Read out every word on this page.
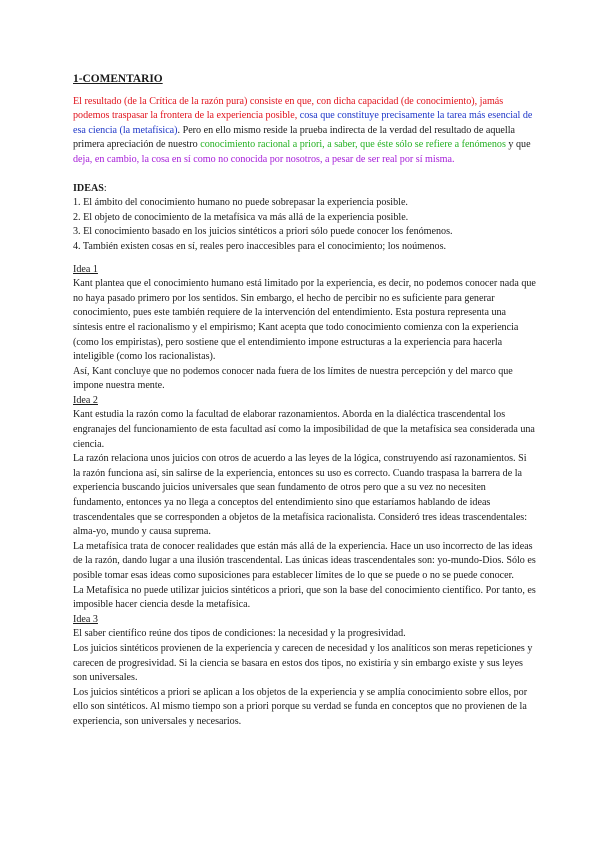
1-COMENTARIO

El resultado (de la Crítica de la razón pura) consiste en que, con dicha capacidad (de conocimiento), jamás podemos traspasar la frontera de la experiencia posible, cosa que constituye precisamente la tarea más esencial de esa ciencia (la metafísica). Pero en ello mismo reside la prueba indirecta de la verdad del resultado de aquella primera apreciación de nuestro conocimiento racional a priori, a saber, que éste sólo se refiere a fenómenos y que deja, en cambio, la cosa en sí como no conocida por nosotros, a pesar de ser real por sí misma.

IDEAS:

1. El ámbito del conocimiento humano no puede sobrepasar la experiencia posible.

2. El objeto de conocimiento de la metafísica va más allá de la experiencia posible.

3. El conocimiento basado en los juicios sintéticos a priori sólo puede conocer los fenómenos.

4. También existen cosas en sí, reales pero inaccesibles para el conocimiento; los noúmenos.

Idea 1

Kant plantea que el conocimiento humano está limitado por la experiencia, es decir, no podemos conocer nada que no haya pasado primero por los sentidos. Sin embargo, el hecho de percibir no es suficiente para generar conocimiento, pues este también requiere de la intervención del entendimiento. Esta postura representa una síntesis entre el racionalismo y el empirismo; Kant acepta que todo conocimiento comienza con la experiencia (como los empiristas), pero sostiene que el entendimiento impone estructuras a la experiencia para hacerla inteligible (como los racionalistas).

Así, Kant concluye que no podemos conocer nada fuera de los límites de nuestra percepción y del marco que impone nuestra mente.

Idea 2

Kant estudia la razón como la facultad de elaborar razonamientos. Aborda en la dialéctica trascendental los engranajes del funcionamiento de esta facultad así como la imposibilidad de que la metafísica sea considerada una ciencia.

La razón relaciona unos juicios con otros de acuerdo a las leyes de la lógica, construyendo así razonamientos. Si la razón funciona así, sin salirse de la experiencia, entonces su uso es correcto. Cuando traspasa la barrera de la experiencia buscando juicios universales que sean fundamento de otros pero que a su vez no necesiten fundamento, entonces ya no llega a conceptos del entendimiento sino que estaríamos hablando de ideas trascendentales que se corresponden a objetos de la metafísica racionalista. Consideró tres ideas trascendentales: alma-yo, mundo y causa suprema.

La metafísica trata de conocer realidades que están más allá de la experiencia. Hace un uso incorrecto de las ideas de la razón, dando lugar a una ilusión trascendental. Las únicas ideas trascendentales son: yo-mundo-Dios. Sólo es posible tomar esas ideas como suposiciones para establecer límites de lo que se puede o no se puede conocer.

La Metafísica no puede utilizar juicios sintéticos a priori, que son la base del conocimiento científico. Por tanto, es imposible hacer ciencia desde la metafísica.

Idea 3

El saber científico reúne dos tipos de condiciones: la necesidad y la progresividad.

Los juicios sintéticos provienen de la experiencia y carecen de necesidad y los analíticos son meras repeticiones y carecen de progresividad. Si la ciencia se basara en estos dos tipos, no existiría y sin embargo existe y sus leyes son universales.

Los juicios sintéticos a priori se aplican a los objetos de la experiencia y se amplía conocimiento sobre ellos, por ello son sintéticos. Al mismo tiempo son a priori porque su verdad se funda en conceptos que no provienen de la experiencia, son universales y necesarios.
